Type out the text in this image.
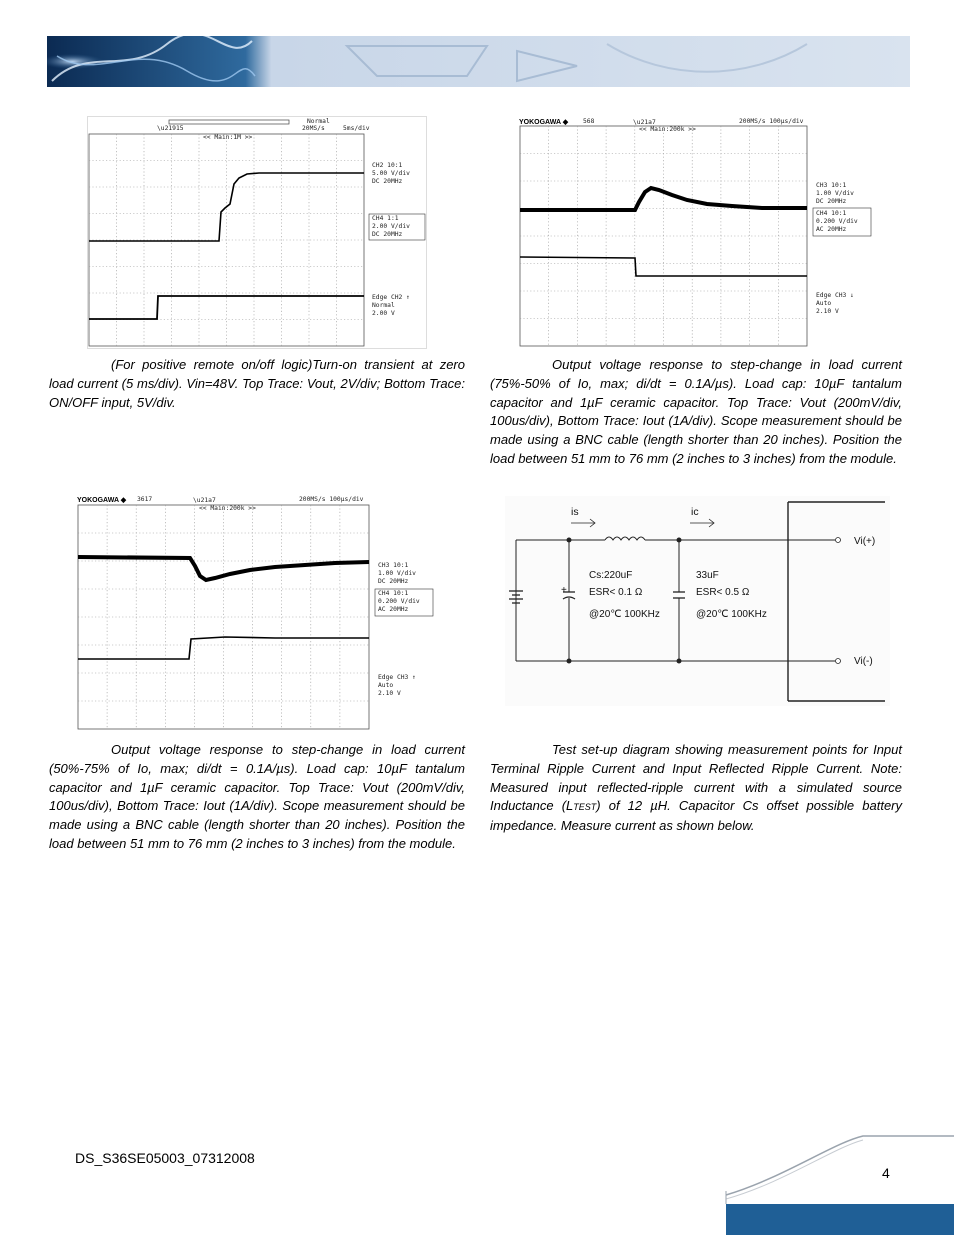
\u21915
Normal
20MS/s	5ms/div
<< Main:1M >>
CH2 10:1
5.00 V/div
DC 20MHz
CH4 1:1
2.00 V/div
DC 20MHz
Edge CH2 ↑
Normal
2.00 V
YOKOGAWA ◆ 568	\u21a7	200MS/s 100μs/div
<< Main:200k >>
CH3 10:1
1.00 V/div
DC 20MHz
CH4 10:1
0.200 V/div
AC 20MHz
Edge CH3 ↓
Auto
2.10 V

(For positive remote on/off logic)Turn-on transient at zero load current (5 ms/div). Vin=48V. Top Trace: Vout, 2V/div; Bottom Trace: ON/OFF input, 5V/div.

Output voltage response to step-change in load current (75%-50% of Io, max; di/dt = 0.1A/µs). Load cap: 10µF tantalum capacitor and 1µF ceramic capacitor. Top Trace: Vout (200mV/div, 100us/div), Bottom Trace: Iout (1A/div). Scope measurement should be made using a BNC cable (length shorter than 20 inches). Position the load between 51 mm to 76 mm (2 inches to 3 inches) from the module.

YOKOGAWA ◆ 3617	\u21a7	200MS/s 100μs/div
<< Main:200k >>
CH3 10:1
1.00 V/div
DC 20MHz
CH4 10:1
0.200 V/div
AC 20MHz
Edge CH3 ↑
Auto
2.10 V
is	ic
+
Cs:220uF
ESR< 0.1 Ω
@20℃ 100KHz
33uF
ESR< 0.5 Ω
@20℃ 100KHz
Vi(+)
Vi(-)

Output voltage response to step-change in load current (50%-75% of Io, max; di/dt = 0.1A/µs). Load cap: 10µF tantalum capacitor and 1µF ceramic capacitor. Top Trace: Vout (200mV/div, 100us/div), Bottom Trace: Iout (1A/div). Scope measurement should be made using a BNC cable (length shorter than 20 inches). Position the load between 51 mm to 76 mm (2 inches to 3 inches) from the module.

Test set-up diagram showing measurement points for Input Terminal Ripple Current and Input Reflected Ripple Current. Note: Measured input reflected-ripple current with a simulated source Inductance (LTEST) of 12 µH. Capacitor Cs offset possible battery impedance. Measure current as shown below.

DS_S36SE05003_07312008
4
